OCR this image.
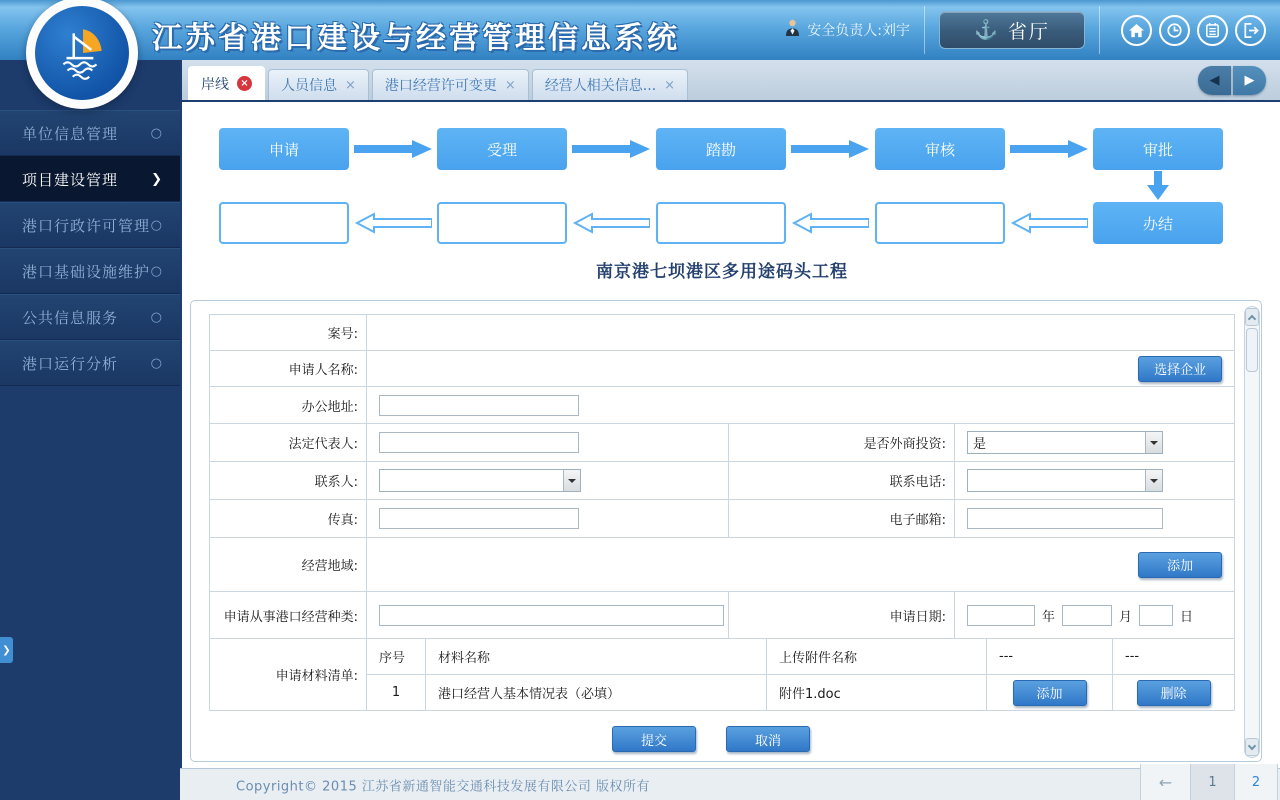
江苏省港口建设与经营管理信息系统	安全负责人:刘宇	⚓ 省厅
单位信息管理	○
项目建设管理	❯
港口行政许可管理 ○
港口基础设施维护 ○
公共信息服务	○
港口运行分析	○
❯
岸线	× 人员信息 × 港口经营许可变更 × 经营人相关信息... ×	◀	▶
申请	受理	踏勘	审核	审批
办结
南京港七坝港区多用途码头工程
案号:							
申请人名称:	选择企业						
办公地址:	
法定代表人:			是否外商投资:		是		

联系人:			联系电话:				

传真:			电子邮箱:	
经营地域:	添加						
申请从事港口经营种类:			申请日期:		年 月 日		

申请材料清单:	序号	材料名称		上传附件名称		---	---
	1	港口经营人基本情况表（必填）		附件1.doc		添加	删除
提交	取消
Copyright© 2015 江苏省新通智能交通科技发展有限公司 版权所有	←	1	2
